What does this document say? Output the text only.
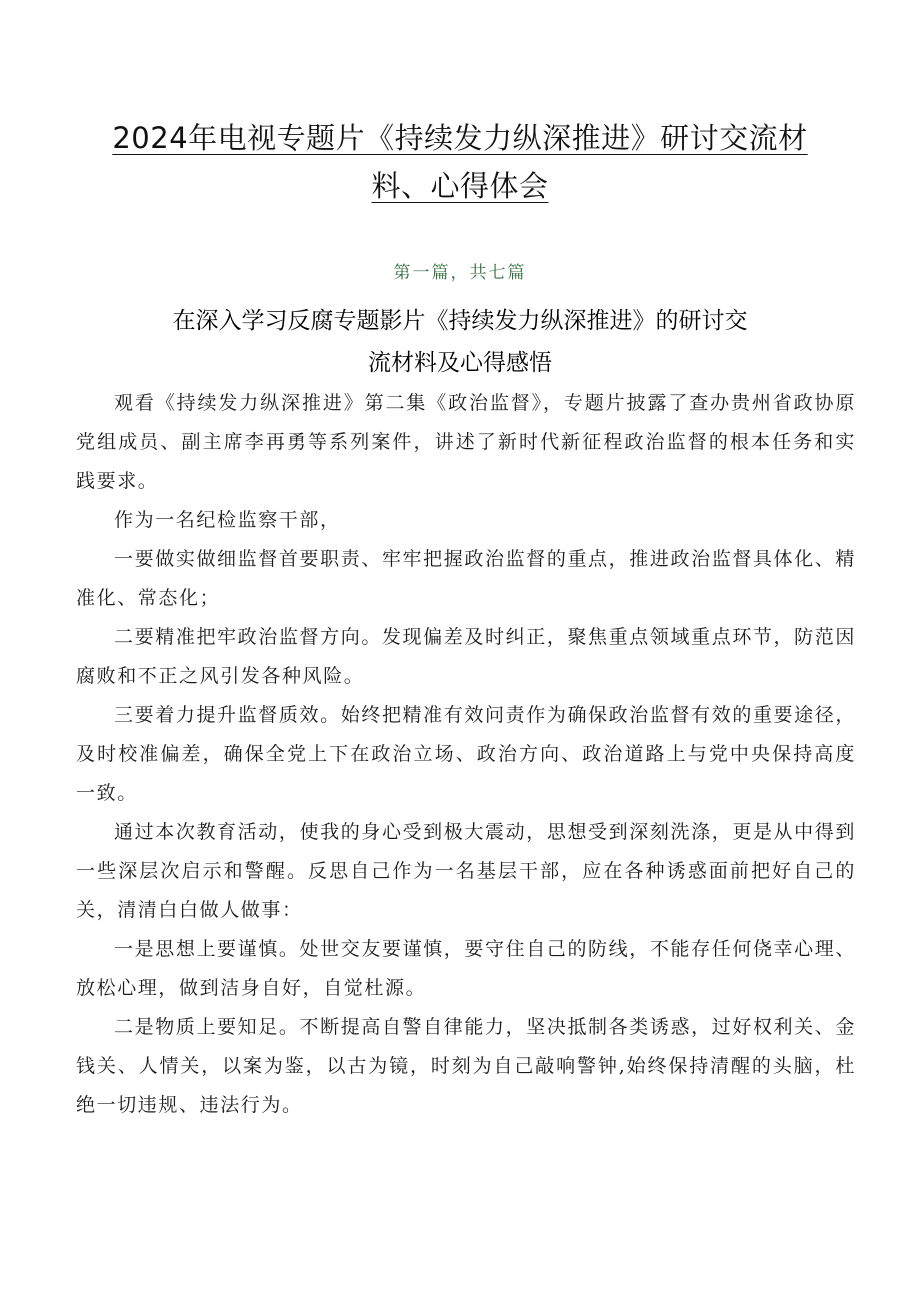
2024年电视专题片《持续发力纵深推进》研讨交流材料、心得体会
第一篇，共七篇
在深入学习反腐专题影片《持续发力纵深推进》的研讨交
流材料及心得感悟

观看《持续发力纵深推进》第二集《政治监督》，专题片披露了查办贵州省政协原党组成员、副主席李再勇等系列案件，讲述了新时代新征程政治监督的根本任务和实践要求。

作为一名纪检监察干部，

一要做实做细监督首要职责、牢牢把握政治监督的重点，推进政治监督具体化、精准化、常态化；

二要精准把牢政治监督方向。发现偏差及时纠正，聚焦重点领域重点环节，防范因腐败和不正之风引发各种风险。

三要着力提升监督质效。始终把精准有效问责作为确保政治监督有效的重要途径，及时校准偏差，确保全党上下在政治立场、政治方向、政治道路上与党中央保持高度一致。

通过本次教育活动，使我的身心受到极大震动，思想受到深刻洗涤，更是从中得到一些深层次启示和警醒。反思自己作为一名基层干部，应在各种诱惑面前把好自己的关，清清白白做人做事：

一是思想上要谨慎。处世交友要谨慎，要守住自己的防线，不能存任何侥幸心理、放松心理，做到洁身自好，自觉杜源。

二是物质上要知足。不断提高自警自律能力，坚决抵制各类诱惑，过好权利关、金钱关、人情关，以案为鉴，以古为镜，时刻为自己敲响警钟,始终保持清醒的头脑，杜绝一切违规、违法行为。
